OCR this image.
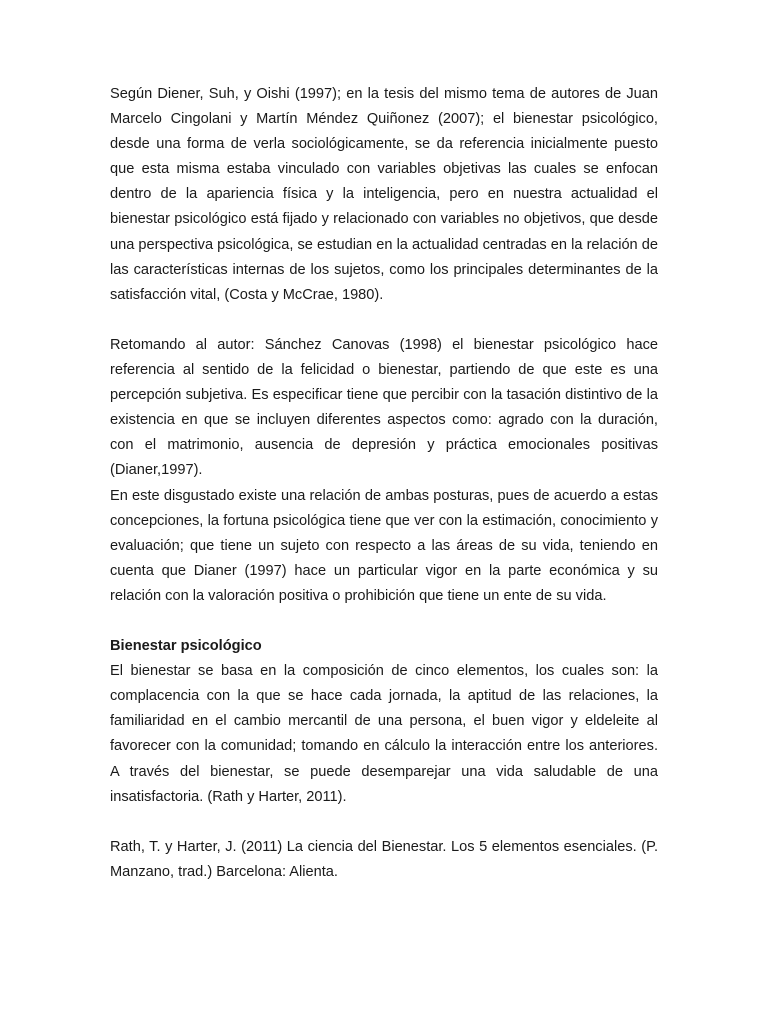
Según Diener, Suh, y Oishi (1997); en la tesis del mismo tema de autores de Juan Marcelo Cingolani y Martín Méndez Quiñonez (2007); el bienestar psicológico, desde una forma de verla sociológicamente, se da referencia inicialmente puesto que esta misma estaba vinculado con variables objetivas las cuales se enfocan dentro de la apariencia física y la inteligencia, pero en nuestra actualidad el bienestar psicológico está fijado y relacionado con variables no objetivos, que desde una perspectiva psicológica, se estudian en la actualidad centradas en la relación de las características internas de los sujetos, como los principales determinantes de la satisfacción vital, (Costa y McCrae, 1980).

Retomando al autor: Sánchez Canovas (1998) el bienestar psicológico hace referencia al sentido de la felicidad o bienestar, partiendo de que este es una percepción subjetiva. Es especificar tiene que percibir con la tasación distintivo de la existencia en que se incluyen diferentes aspectos como: agrado con la duración, con el matrimonio, ausencia de depresión y práctica emocionales positivas (Dianer,1997).

En este disgustado existe una relación de ambas posturas, pues de acuerdo a estas concepciones, la fortuna psicológica tiene que ver con la estimación, conocimiento y evaluación; que tiene un sujeto con respecto a las áreas de su vida, teniendo en cuenta que Dianer (1997) hace un particular vigor en la parte económica y su relación con la valoración positiva o prohibición que tiene un ente de su vida.

Bienestar psicológico

El bienestar se basa en la composición de cinco elementos, los cuales son: la complacencia con la que se hace cada jornada, la aptitud de las relaciones, la familiaridad en el cambio mercantil de una persona, el buen vigor y eldeleite al favorecer con la comunidad; tomando en cálculo la interacción entre los anteriores. A través del bienestar, se puede desemparejar una vida saludable de una insatisfactoria. (Rath y Harter, 2011).

Rath, T. y Harter, J. (2011) La ciencia del Bienestar. Los 5 elementos esenciales. (P. Manzano, trad.) Barcelona: Alienta.
